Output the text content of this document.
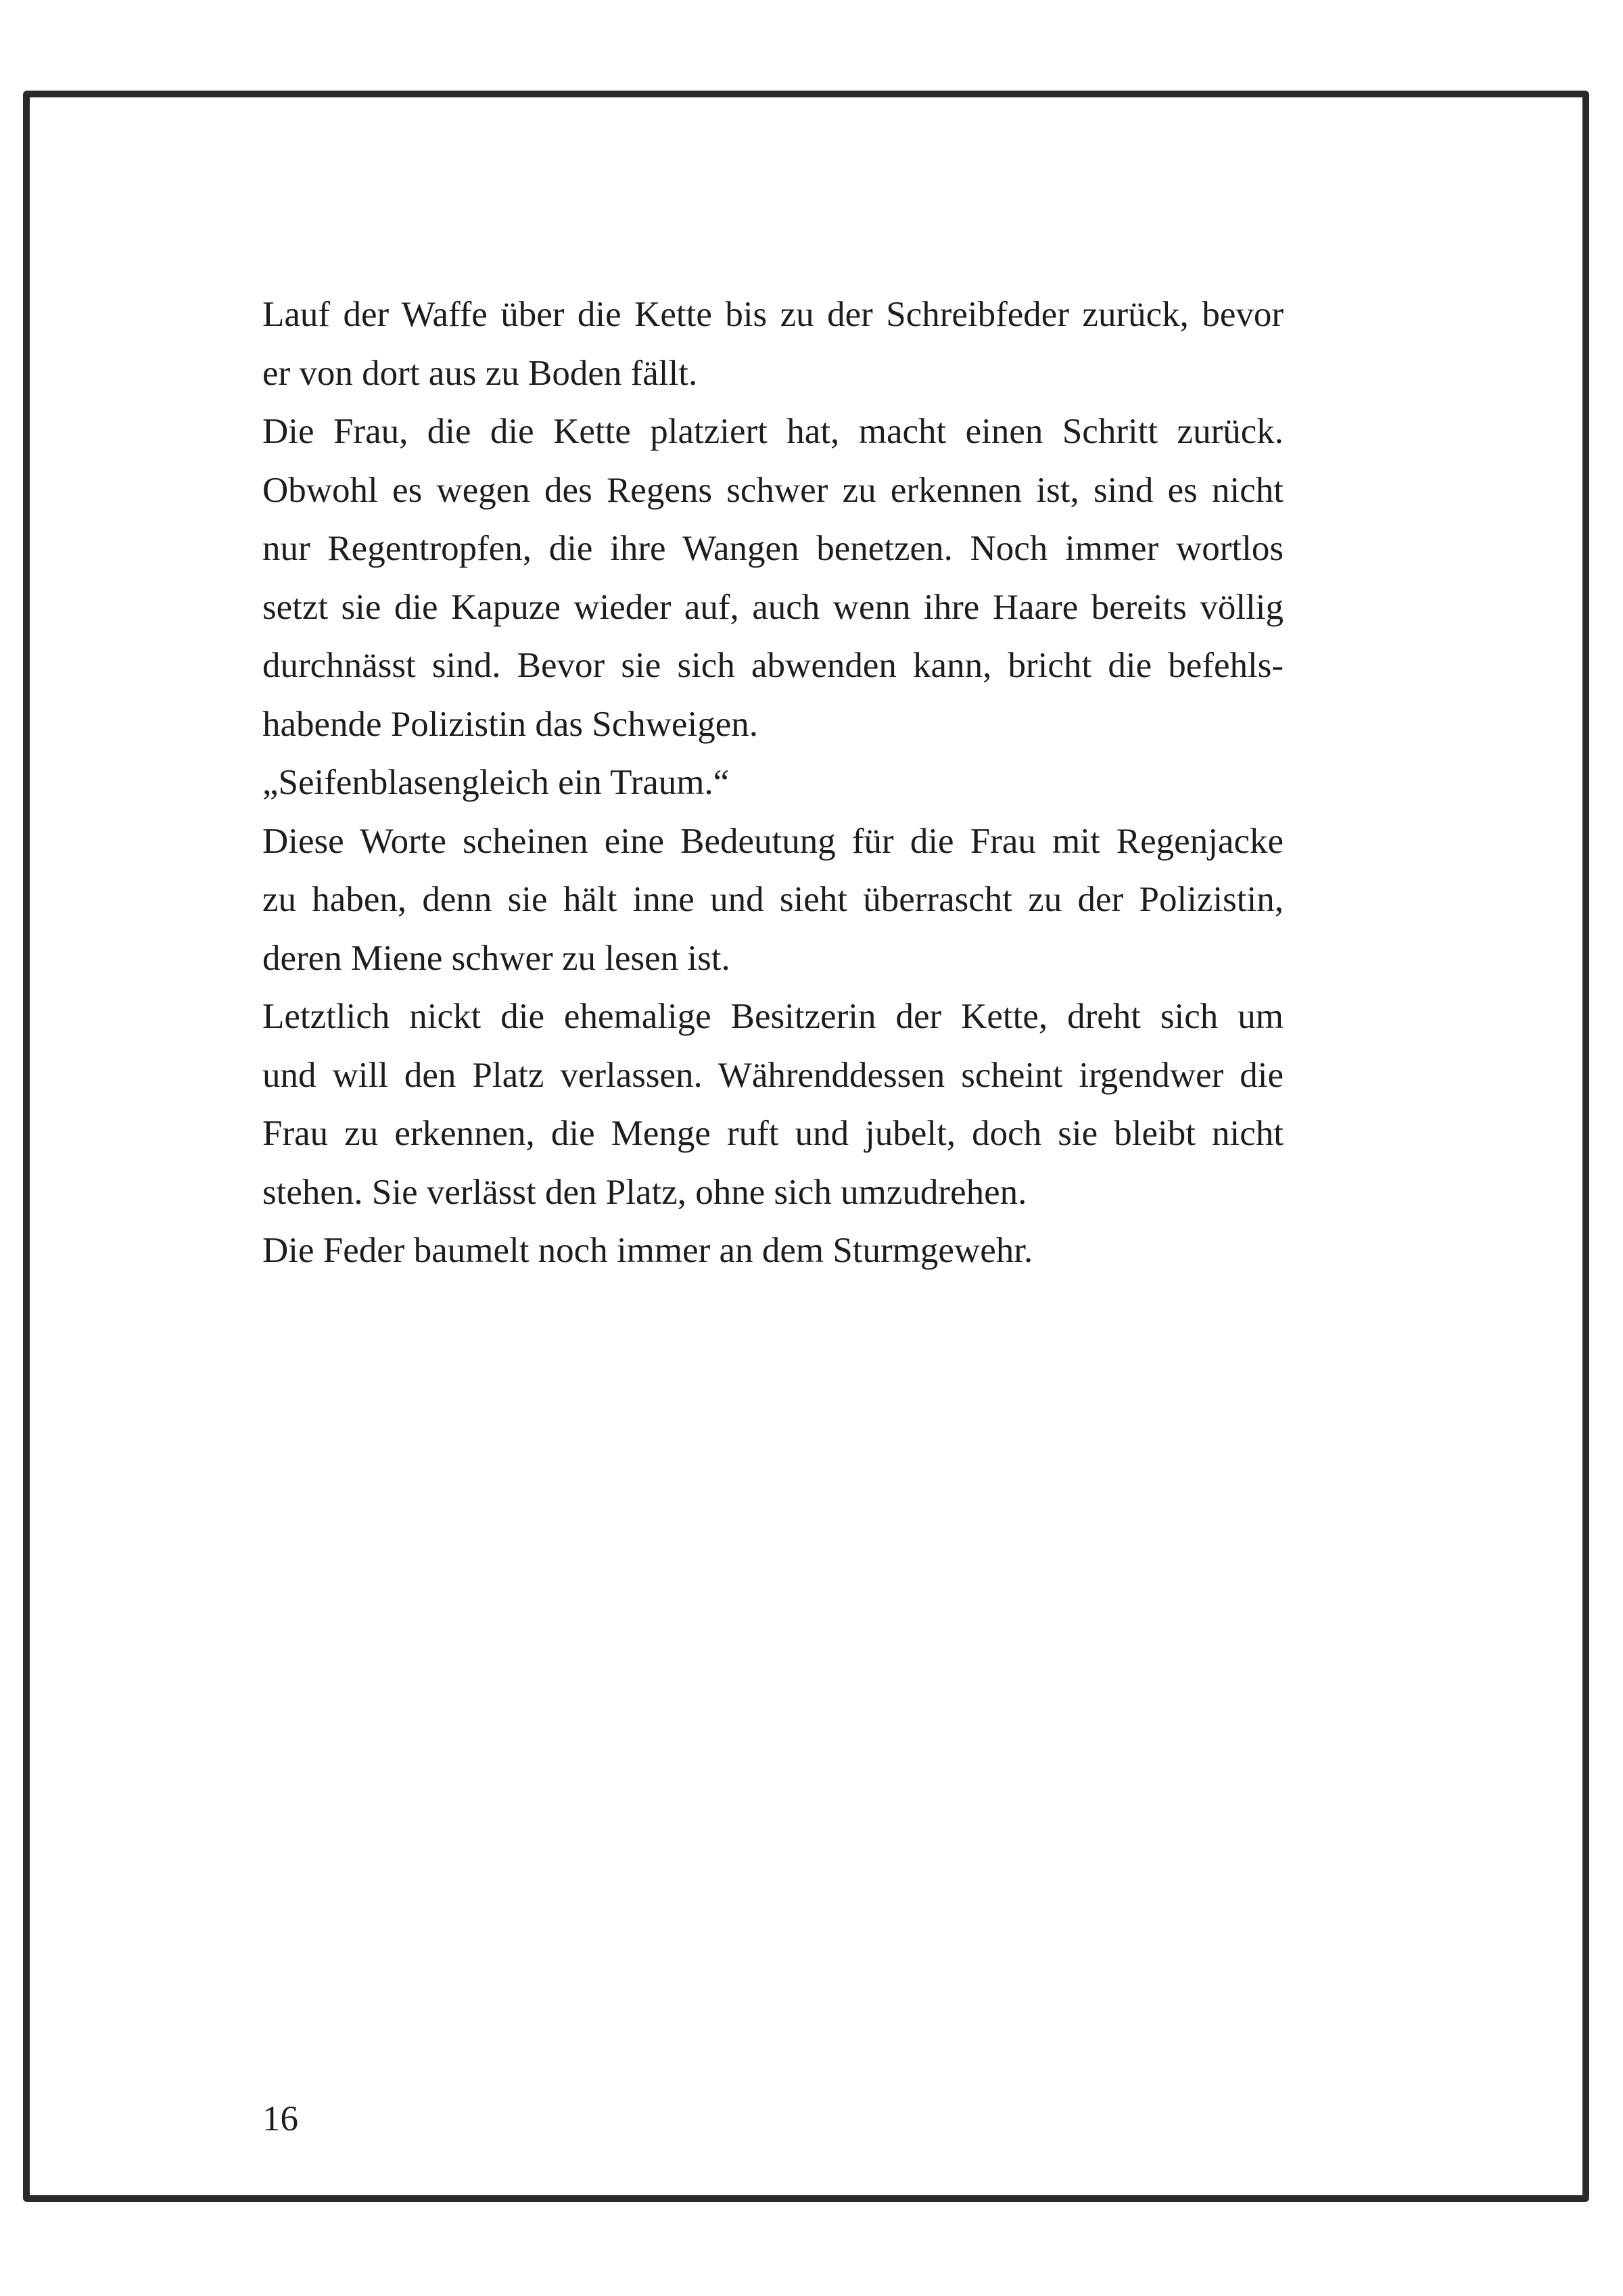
Lauf der Waffe über die Kette bis zu der Schreibfeder zurück, bevor
er von dort aus zu Boden fällt.
Die Frau, die die Kette platziert hat, macht einen Schritt zurück.
Obwohl es wegen des Regens schwer zu erkennen ist, sind es nicht
nur Regentropfen, die ihre Wangen benetzen. Noch immer wortlos
setzt sie die Kapuze wieder auf, auch wenn ihre Haare bereits völlig
durchnässt sind. Bevor sie sich abwenden kann, bricht die befehls-
habende Polizistin das Schweigen.
„Seifenblasengleich ein Traum.“
Diese Worte scheinen eine Bedeutung für die Frau mit Regenjacke
zu haben, denn sie hält inne und sieht überrascht zu der Polizistin,
deren Miene schwer zu lesen ist.
Letztlich nickt die ehemalige Besitzerin der Kette, dreht sich um
und will den Platz verlassen. Währenddessen scheint irgendwer die
Frau zu erkennen, die Menge ruft und jubelt, doch sie bleibt nicht
stehen. Sie verlässt den Platz, ohne sich umzudrehen.
Die Feder baumelt noch immer an dem Sturmgewehr.
16
